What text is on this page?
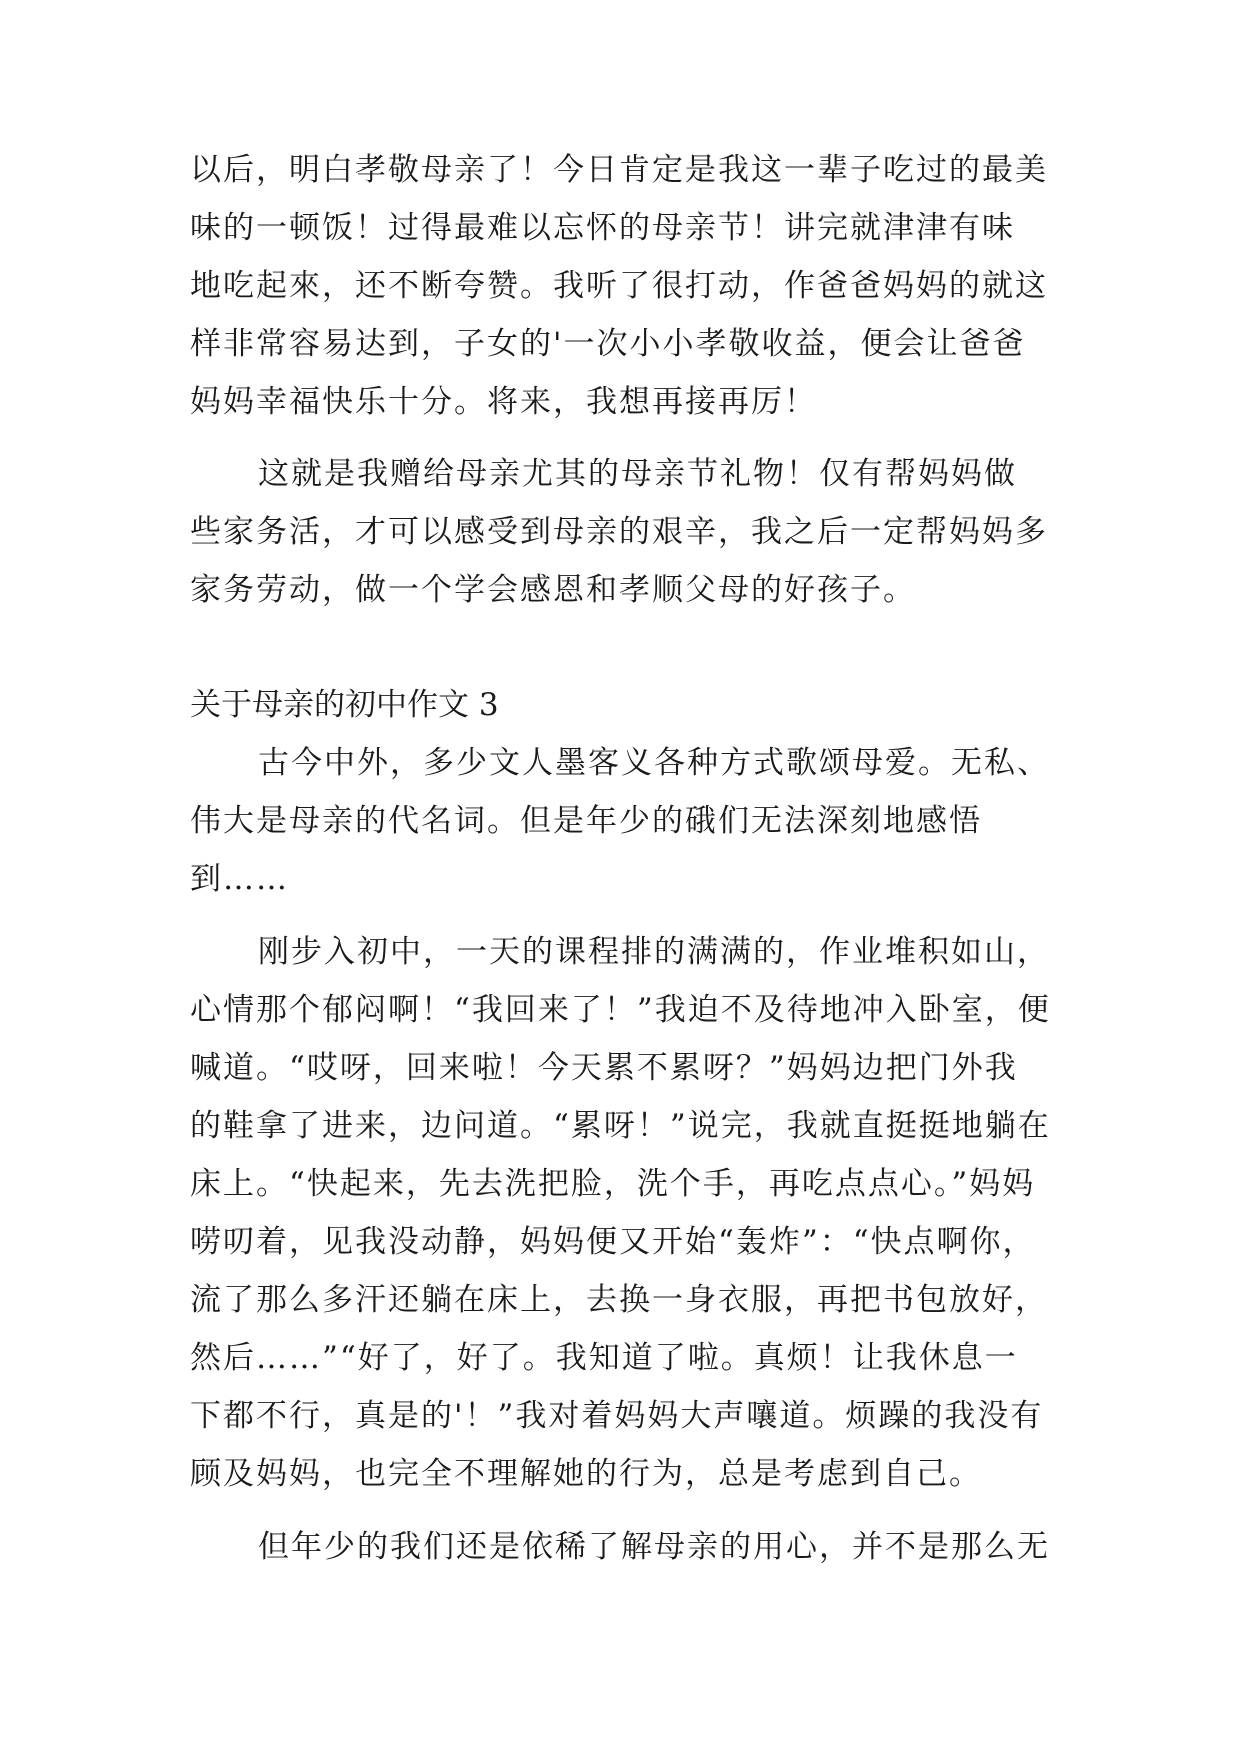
以后，明白孝敬母亲了！今日肯定是我这一辈子吃过的最美
味的一顿饭！过得最难以忘怀的母亲节！讲完就津津有味
地吃起來，还不断夸赞。我听了很打动，作爸爸妈妈的就这
样非常容易达到，子女的'一次小小孝敬收益，便会让爸爸
妈妈幸福快乐十分。将来，我想再接再厉！
这就是我赠给母亲尤其的母亲节礼物！仅有帮妈妈做
些家务活，才可以感受到母亲的艰辛，我之后一定帮妈妈多
家务劳动，做一个学会感恩和孝顺父母的好孩子。
关于母亲的初中作文 3
古今中外，多少文人墨客义各种方式歌颂母爱。无私、
伟大是母亲的代名词。但是年少的硪们无法深刻地感悟
到……
刚步入初中，一天的课程排的满满的，作业堆积如山，
心情那个郁闷啊！“我回来了！”我迫不及待地冲入卧室，便
喊道。“哎呀，回来啦！今天累不累呀？”妈妈边把门外我
的鞋拿了进来，边问道。“累呀！”说完，我就直挺挺地躺在
床上。“快起来，先去洗把脸，洗个手，再吃点点心。”妈妈
唠叨着，见我没动静，妈妈便又开始“轰炸”：“快点啊你，
流了那么多汗还躺在床上，去换一身衣服，再把书包放好，
然后……”“好了，好了。我知道了啦。真烦！让我休息一
下都不行，真是的'！”我对着妈妈大声嚷道。烦躁的我没有
顾及妈妈，也完全不理解她的行为，总是考虑到自己。
但年少的我们还是依稀了解母亲的用心，并不是那么无
